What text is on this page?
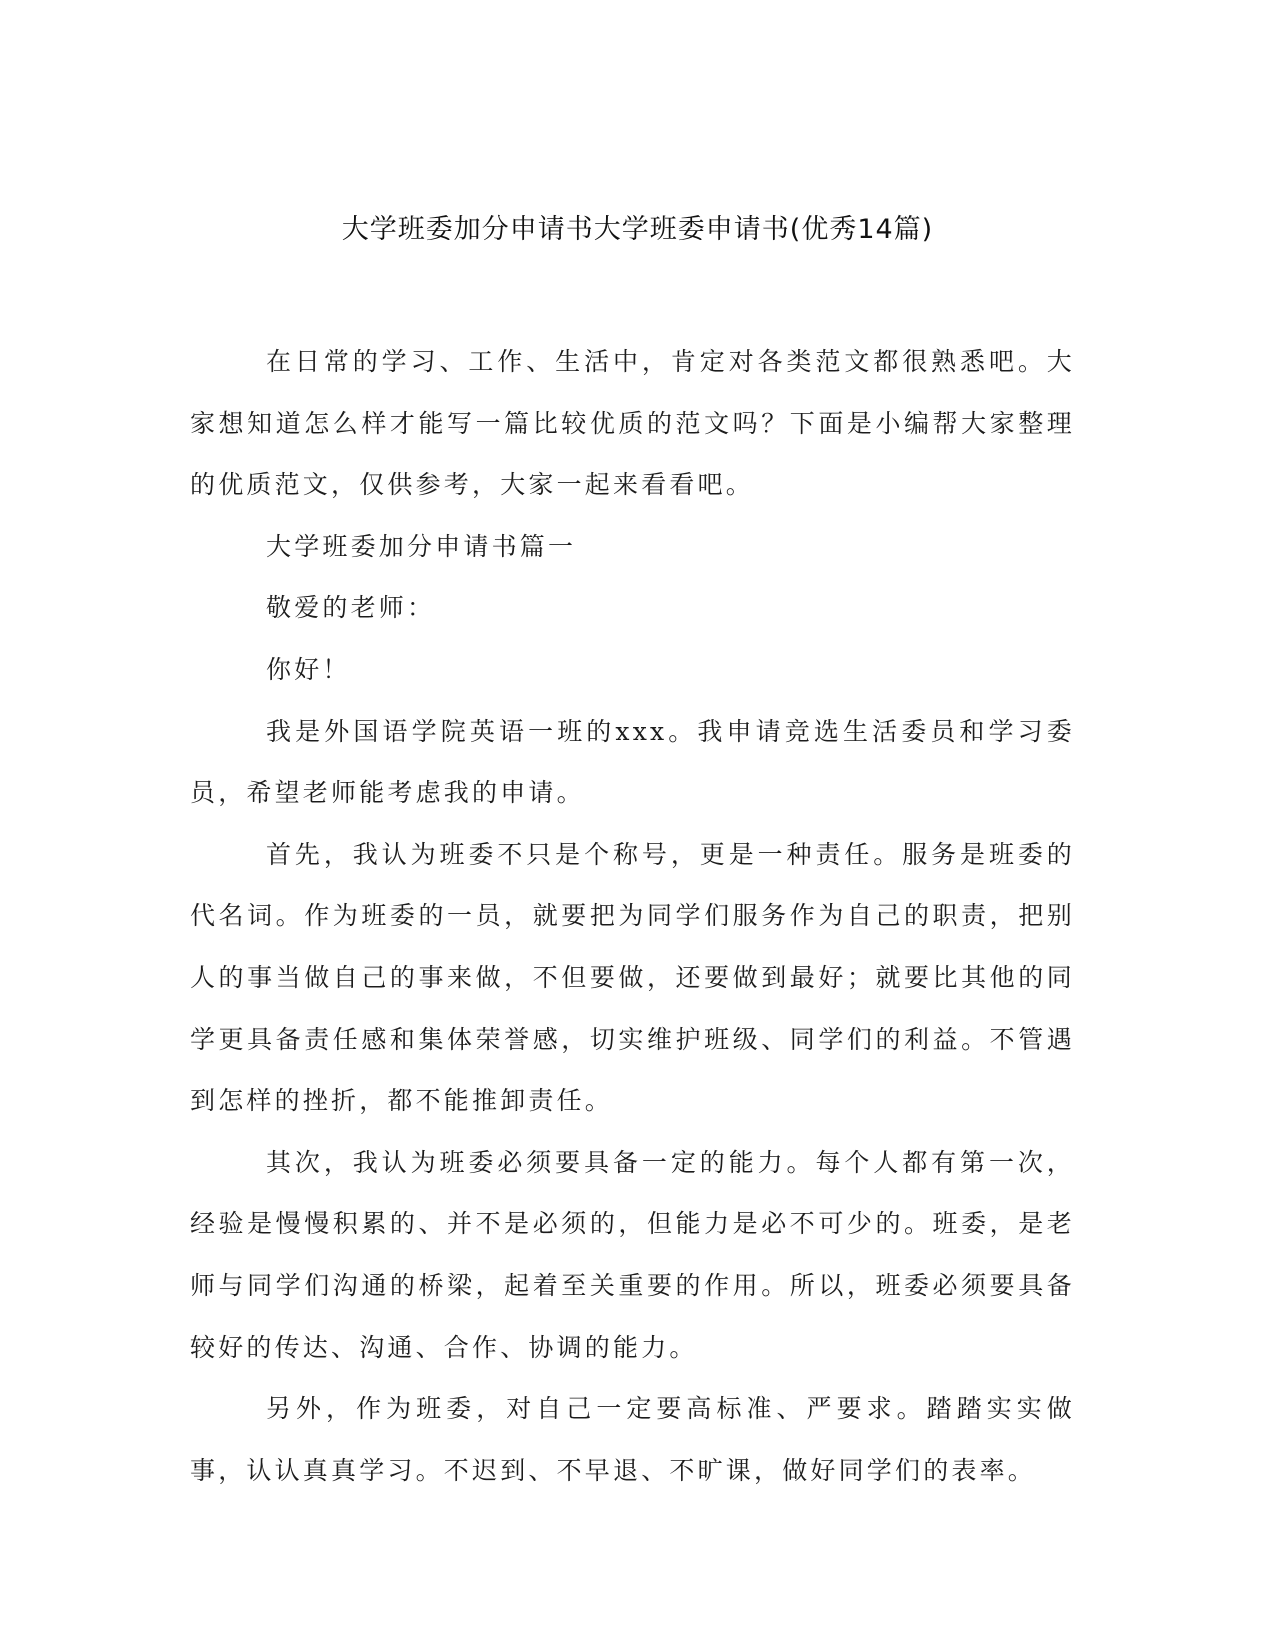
大学班委加分申请书大学班委申请书(优秀14篇)

在日常的学习、工作、生活中，肯定对各类范文都很熟悉吧。大家想知道怎么样才能写一篇比较优质的范文吗？下面是小编帮大家整理的优质范文，仅供参考，大家一起来看看吧。

大学班委加分申请书篇一

敬爱的老师：

你好！

我是外国语学院英语一班的xxx。我申请竞选生活委员和学习委员，希望老师能考虑我的申请。

首先，我认为班委不只是个称号，更是一种责任。服务是班委的代名词。作为班委的一员，就要把为同学们服务作为自己的职责，把别人的事当做自己的事来做，不但要做，还要做到最好；就要比其他的同学更具备责任感和集体荣誉感，切实维护班级、同学们的利益。不管遇到怎样的挫折，都不能推卸责任。

其次，我认为班委必须要具备一定的能力。每个人都有第一次，经验是慢慢积累的、并不是必须的，但能力是必不可少的。班委，是老师与同学们沟通的桥梁，起着至关重要的作用。所以，班委必须要具备较好的传达、沟通、合作、协调的能力。

另外，作为班委，对自己一定要高标准、严要求。踏踏实实做事，认认真真学习。不迟到、不早退、不旷课，做好同学们的表率。
